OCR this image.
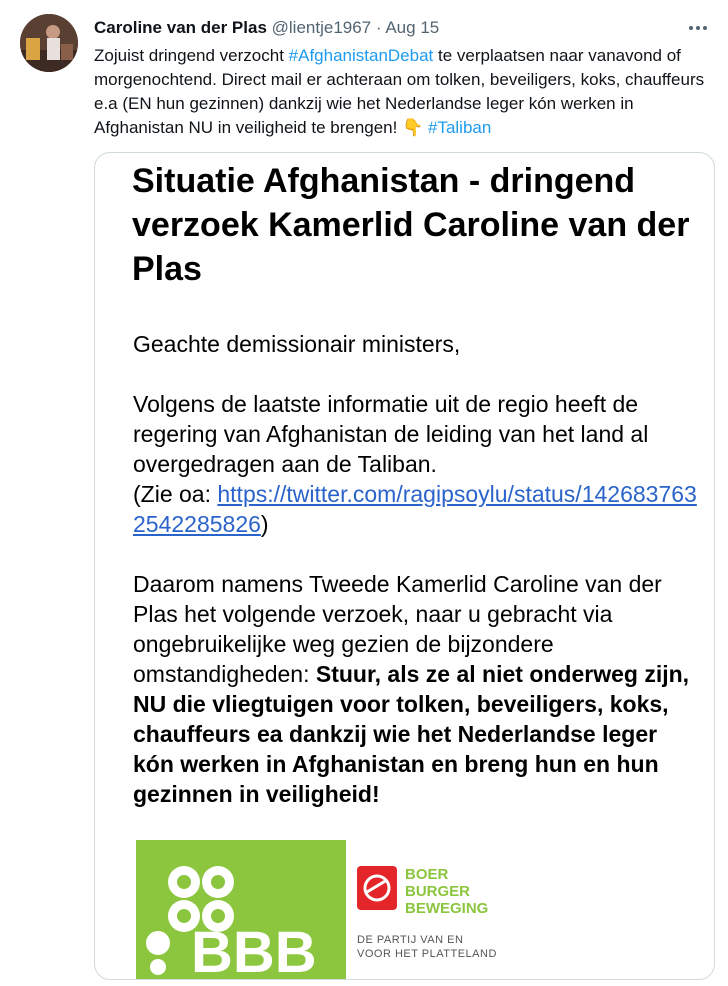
Caroline van der Plas @lientje1967 · Aug 15
Zojuist dringend verzocht #AfghanistanDebat te verplaatsen naar vanavond of morgenochtend. Direct mail er achteraan om tolken, beveiligers, koks, chauffeurs e.a (EN hun gezinnen) dankzij wie het Nederlandse leger kón werken in Afghanistan NU in veiligheid te brengen! 👇 #Taliban
Situatie Afghanistan - dringend verzoek Kamerlid Caroline van der Plas

Geachte demissionair ministers,

Volgens de laatste informatie uit de regio heeft de regering van Afghanistan de leiding van het land al overgedragen aan de Taliban.
(Zie oa: https://twitter.com/ragipsoylu/status/1426837632542285826)

Daarom namens Tweede Kamerlid Caroline van der Plas het volgende verzoek, naar u gebracht via ongebruikelijke weg gezien de bijzondere omstandigheden: Stuur, als ze al niet onderweg zijn, NU die vliegtuigen voor tolken, beveiligers, koks, chauffeurs ea dankzij wie het Nederlandse leger kón werken in Afghanistan en breng hun en hun gezinnen in veiligheid!

BBB
BOER
BURGER
BEWEGING
DE PARTIJ VAN EN
VOOR HET PLATTELAND
